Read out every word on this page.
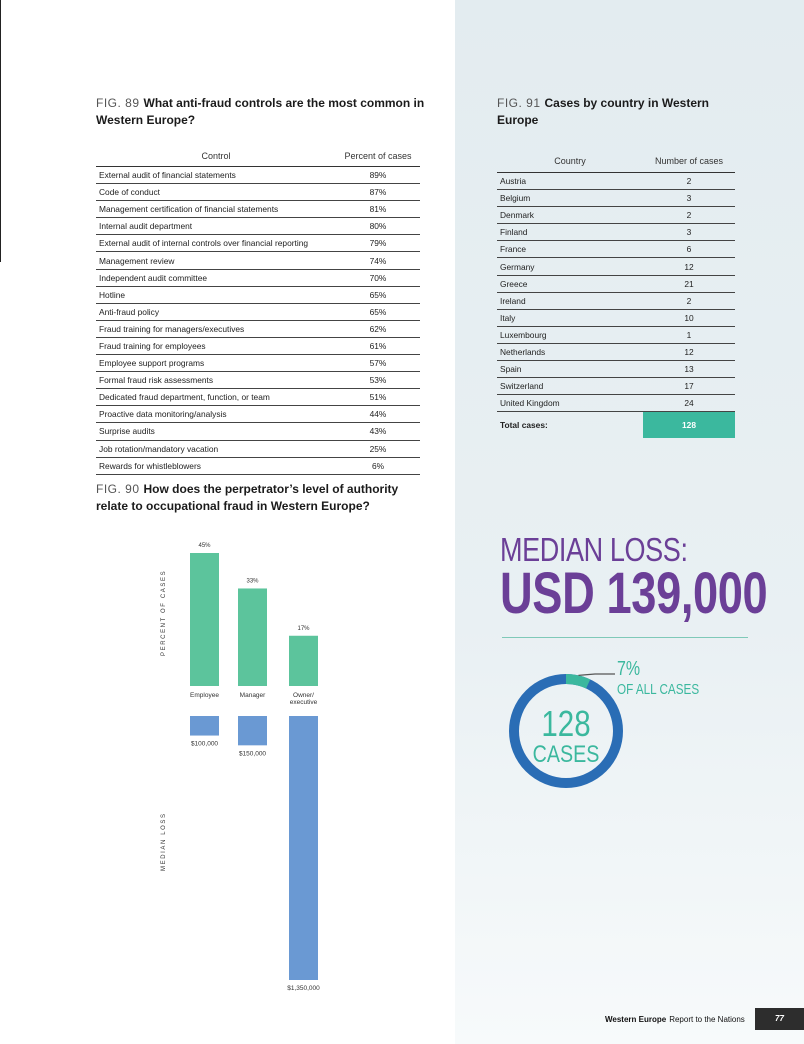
FIG. 89 What anti-fraud controls are the most common in Western Europe?
Control	Percent of cases
External audit of financial statements	89%
Code of conduct	87%
Management certification of financial statements	81%
Internal audit department	80%
External audit of internal controls over financial reporting	79%
Management review	74%
Independent audit committee	70%
Hotline	65%
Anti-fraud policy	65%
Fraud training for managers/executives	62%
Fraud training for employees	61%
Employee support programs	57%
Formal fraud risk assessments	53%
Dedicated fraud department, function, or team	51%
Proactive data monitoring/analysis	44%
Surprise audits	43%
Job rotation/mandatory vacation	25%
Rewards for whistleblowers	6%
FIG. 90 How does the perpetrator’s level of authority relate to occupational fraud in Western Europe?
PERCENT OF CASES
MEDIAN LOSS
45%
Employee
$100,000
33%
Manager
$150,000
17%
Owner/
executive
$1,350,000
FIG. 91 Cases by country in Western Europe
Country	Number of cases
Austria	2
Belgium	3
Denmark	2
Finland	3
France	6
Germany	12
Greece	21
Ireland	2
Italy	10
Luxembourg	1
Netherlands	12
Spain	13
Switzerland	17
United Kingdom	24
Total cases:	128
MEDIAN LOSS:
USD 139,000
128
CASES
7%
OF ALL CASES
Western Europe Report to the Nations	77
